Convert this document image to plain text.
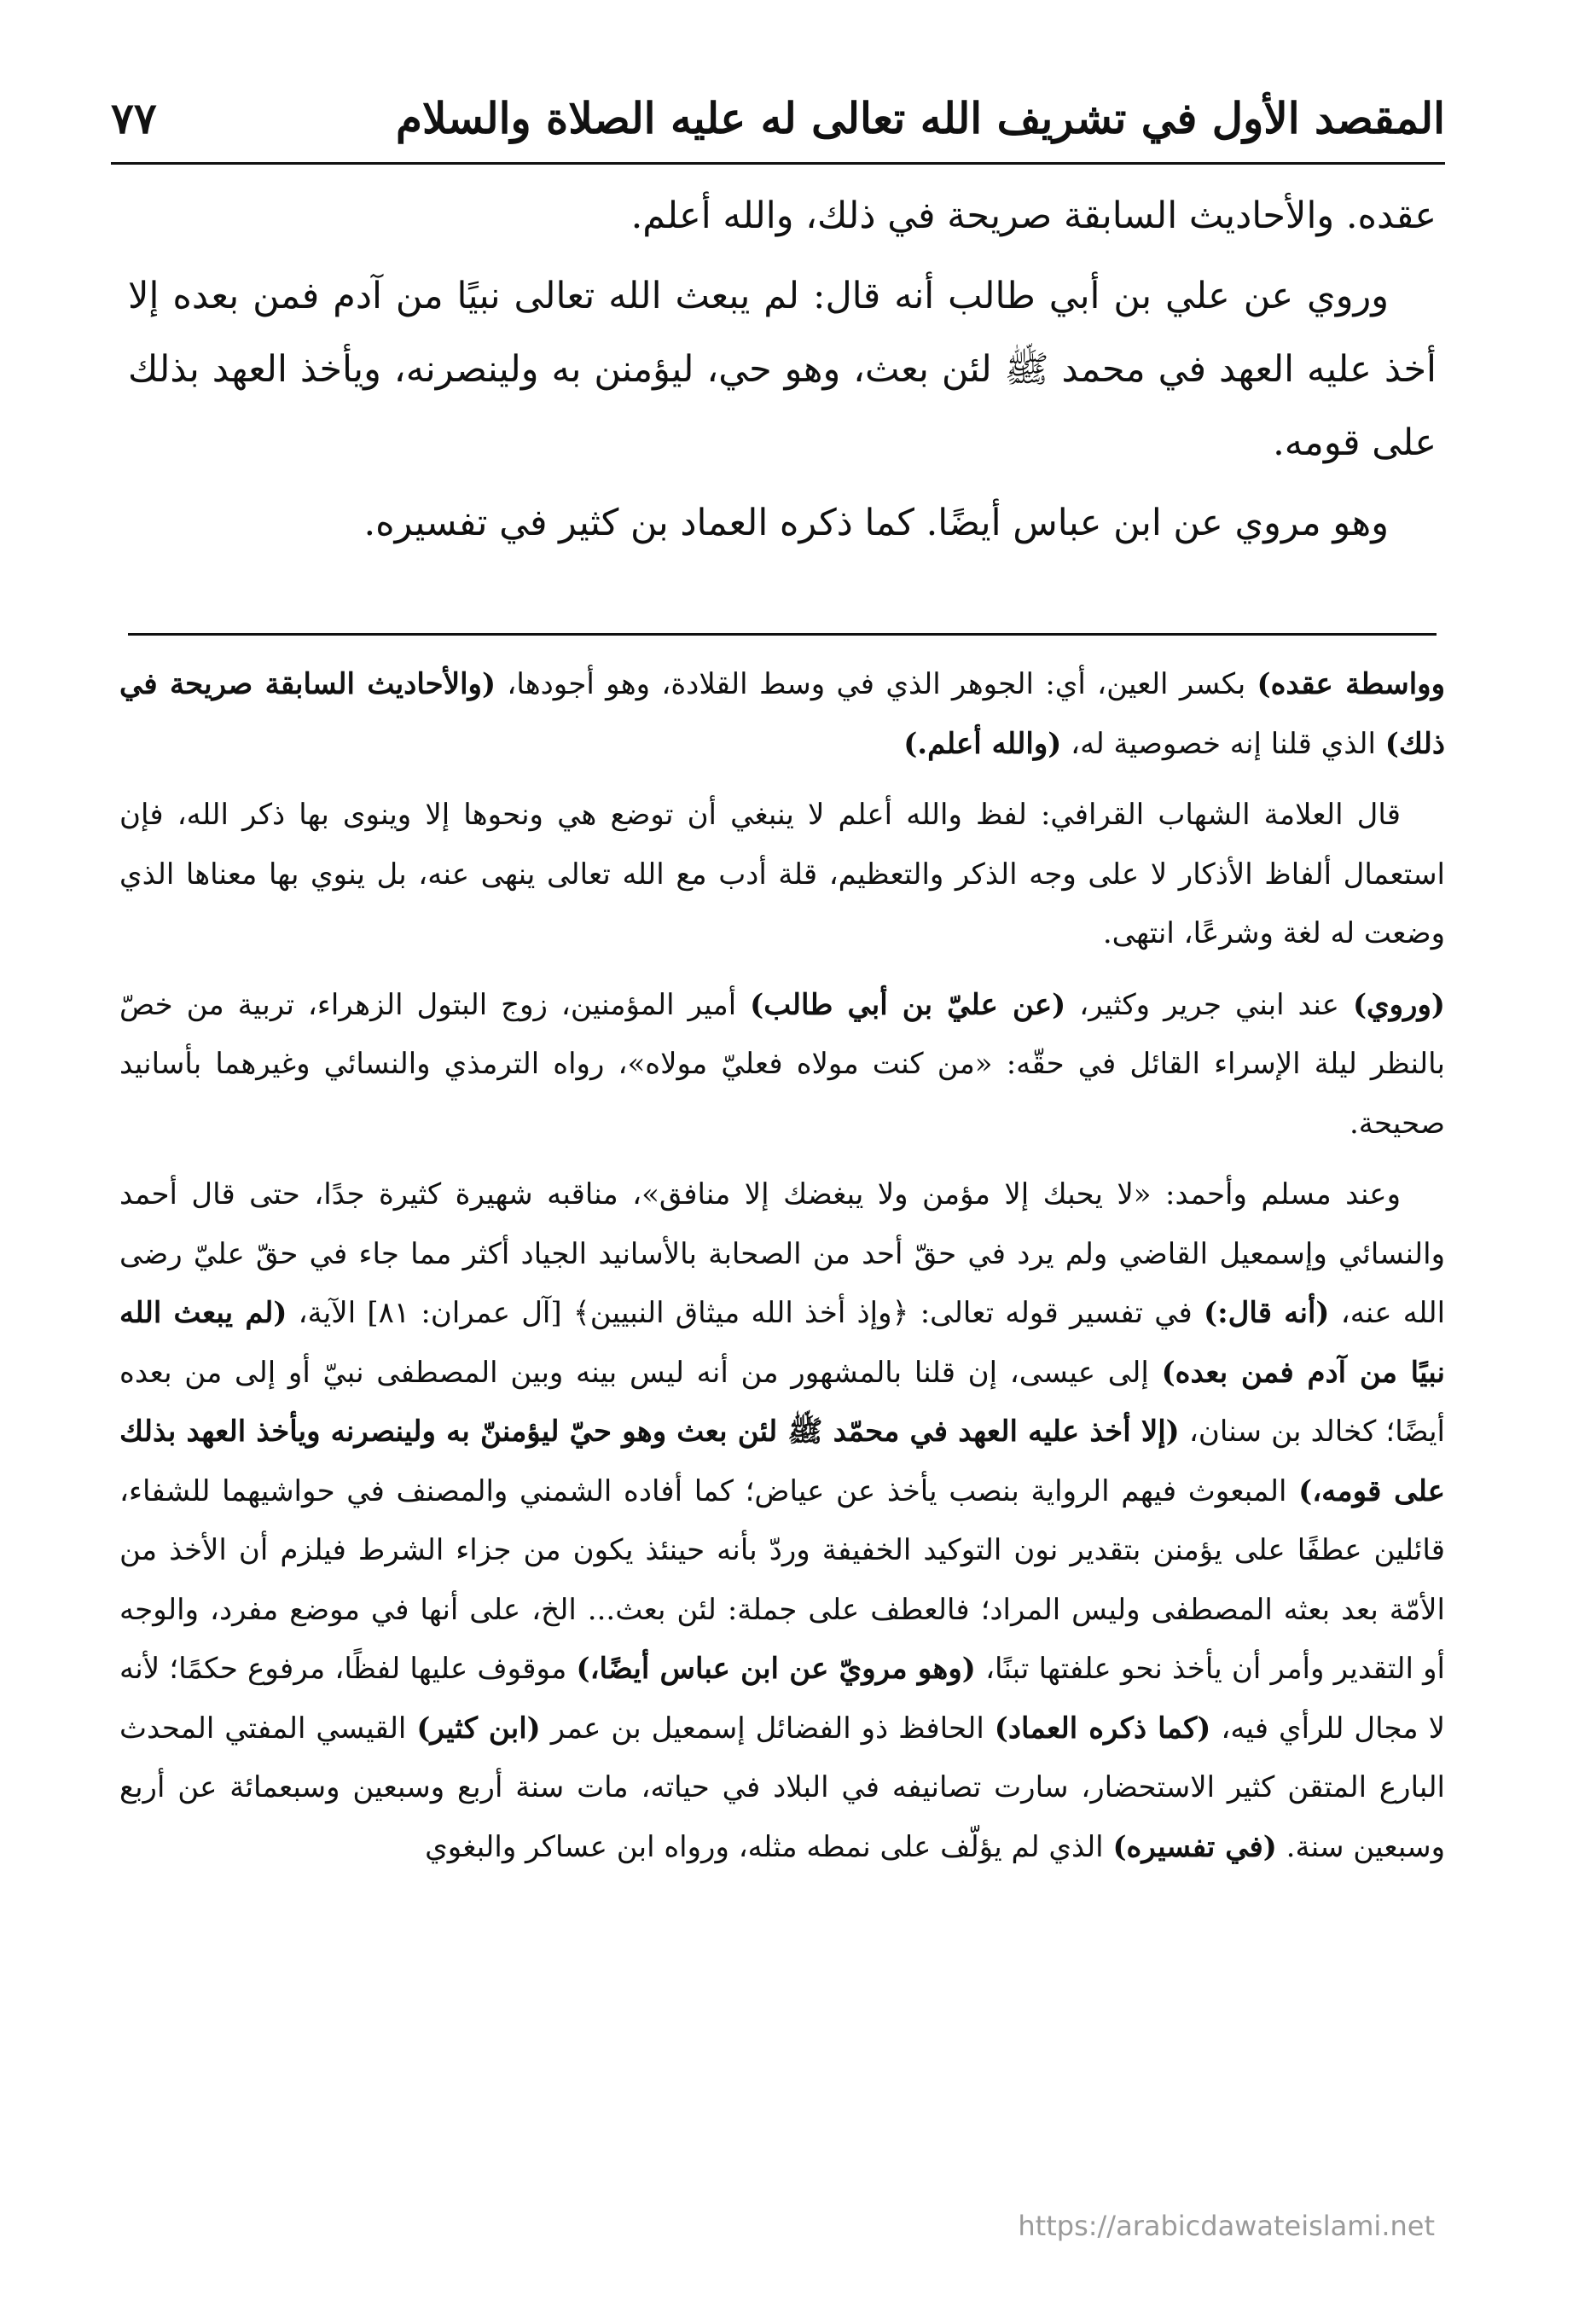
المقصد الأول في تشريف الله تعالى له عليه الصلاة والسلام
٧٧

عقده. والأحاديث السابقة صريحة في ذلك، والله أعلم.

وروي عن علي بن أبي طالب أنه قال: لم يبعث الله تعالى نبيًا من آدم فمن بعده إلا أخذ عليه العهد في محمد ﷺ لئن بعث، وهو حي، ليؤمنن به ولينصرنه، ويأخذ العهد بذلك على قومه.

وهو مروي عن ابن عباس أيضًا. كما ذكره العماد بن كثير في تفسيره.

وواسطة عقده) بكسر العين، أي: الجوهر الذي في وسط القلادة، وهو أجودها، (والأحاديث السابقة صريحة في ذلك) الذي قلنا إنه خصوصية له، (والله أعلم.)

قال العلامة الشهاب القرافي: لفظ والله أعلم لا ينبغي أن توضع هي ونحوها إلا وينوى بها ذكر الله، فإن استعمال ألفاظ الأذكار لا على وجه الذكر والتعظيم، قلة أدب مع الله تعالى ينهى عنه، بل ينوي بها معناها الذي وضعت له لغة وشرعًا، انتهى.

(وروي) عند ابني جرير وكثير، (عن عليّ بن أبي طالب) أمير المؤمنين، زوج البتول الزهراء، تربية من خصّ بالنظر ليلة الإسراء القائل في حقّه: «من كنت مولاه فعليّ مولاه»، رواه الترمذي والنسائي وغيرهما بأسانيد صحيحة.

وعند مسلم وأحمد: «لا يحبك إلا مؤمن ولا يبغضك إلا منافق»، مناقبه شهيرة كثيرة جدًا، حتى قال أحمد والنسائي وإسمعيل القاضي ولم يرد في حقّ أحد من الصحابة بالأسانيد الجياد أكثر مما جاء في حقّ عليّ رضى الله عنه، (أنه قال:) في تفسير قوله تعالى: ﴿وإذ أخذ الله ميثاق النبيين﴾ [آل عمران: ٨١] الآية، (لم يبعث الله نبيًا من آدم فمن بعده) إلى عيسى، إن قلنا بالمشهور من أنه ليس بينه وبين المصطفى نبيّ أو إلى من بعده أيضًا؛ كخالد بن سنان، (إلا أخذ عليه العهد في محمّد ﷺ لئن بعث وهو حيّ ليؤمننّ به ولينصرنه ويأخذ العهد بذلك على قومه،) المبعوث فيهم الرواية بنصب يأخذ عن عياض؛ كما أفاده الشمني والمصنف في حواشيهما للشفاء، قائلين عطفًا على يؤمنن بتقدير نون التوكيد الخفيفة وردّ بأنه حينئذ يكون من جزاء الشرط فيلزم أن الأخذ من الأمّة بعد بعثه المصطفى وليس المراد؛ فالعطف على جملة: لئن بعث... الخ، على أنها في موضع مفرد، والوجه أو التقدير وأمر أن يأخذ نحو علفتها تبنًا، (وهو مرويّ عن ابن عباس أيضًا،) موقوف عليها لفظًا، مرفوع حكمًا؛ لأنه لا مجال للرأي فيه، (كما ذكره العماد) الحافظ ذو الفضائل إسمعيل بن عمر (ابن كثير) القيسي المفتي المحدث البارع المتقن كثير الاستحضار، سارت تصانيفه في البلاد في حياته، مات سنة أربع وسبعين وسبعمائة عن أربع وسبعين سنة. (في تفسيره) الذي لم يؤلّف على نمطه مثله، ورواه ابن عساكر والبغوي

https://arabicdawateislami.net
